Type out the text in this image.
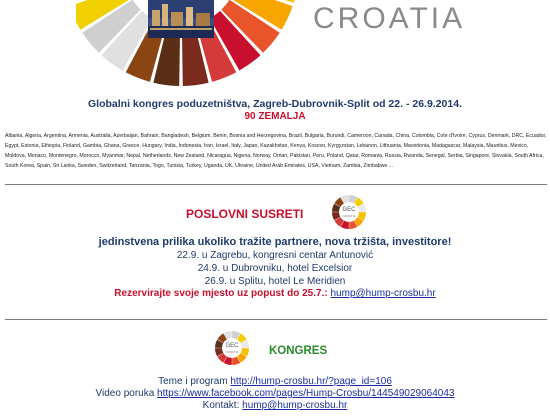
CROATIA
Globalni kongres poduzetništva, Zagreb-Dubrovnik-Split od 22. - 26.9.2014.
90 ZEMALJA
Albania, Algeria, Argentina, Armenia, Australia, Azerbaijan, Bahrain, Bangladesh, Belgium, Benin, Bosnia and Herzegovina, Brazil, Bulgaria, Burundi, Cameroon, Canada, China, Colombia, Cote d'Ivoire, Cyprus, Denmark, DRC, Ecuador, Egypt, Estonia, Ethiopia, Finland, Gambia, Ghana, Greece, Hungary, India, Indonesia, Iran, Israel, Italy, Japan, Kazakhstan, Kenya, Kosovo, Kyrgyzstan, Lebanon, Lithuania, Macedonia, Madagascar, Malaysia, Mauritius, Mexico, Moldova, Monaco, Montenegro, Morocco, Myanmar, Nepal, Netherlands, New Zealand, Nicaragua, Nigeria, Norway, Oman, Pakistan, Peru, Poland, Qatar, Romania, Russia, Rwanda, Senegal, Serbia, Singapore, Slovakia, South Africa, South Korea, Spain, Sri Lanka, Sweden, Switzerland, Tanzania, Togo, Tunisia, Turkey, Uganda, UK, Ukraine, United Arab Emirates, USA, Vietnam, Zambia, Zimbabwe ...
POSLOVNI SUSRETI	GEC
CROATIA
jedinstvena prilika ukoliko tražite partnere, nova tržišta, investitore!
22.9. u Zagrebu, kongresni centar Antunović
24.9. u Dubrovniku, hotel Excelsior
26.9. u Splitu, hotel Le Meridien
Rezervirajte svoje mjesto uz popust do 25.7.: hump@hump-crosbu.hr
GEC
CROATIA	KONGRES
Teme i program http://hump-crosbu.hr/?page_id=106
Video poruka https://www.facebook.com/pages/Hump-Crosbu/144549029064043
Kontakt: hump@hump-crosbu.hr
